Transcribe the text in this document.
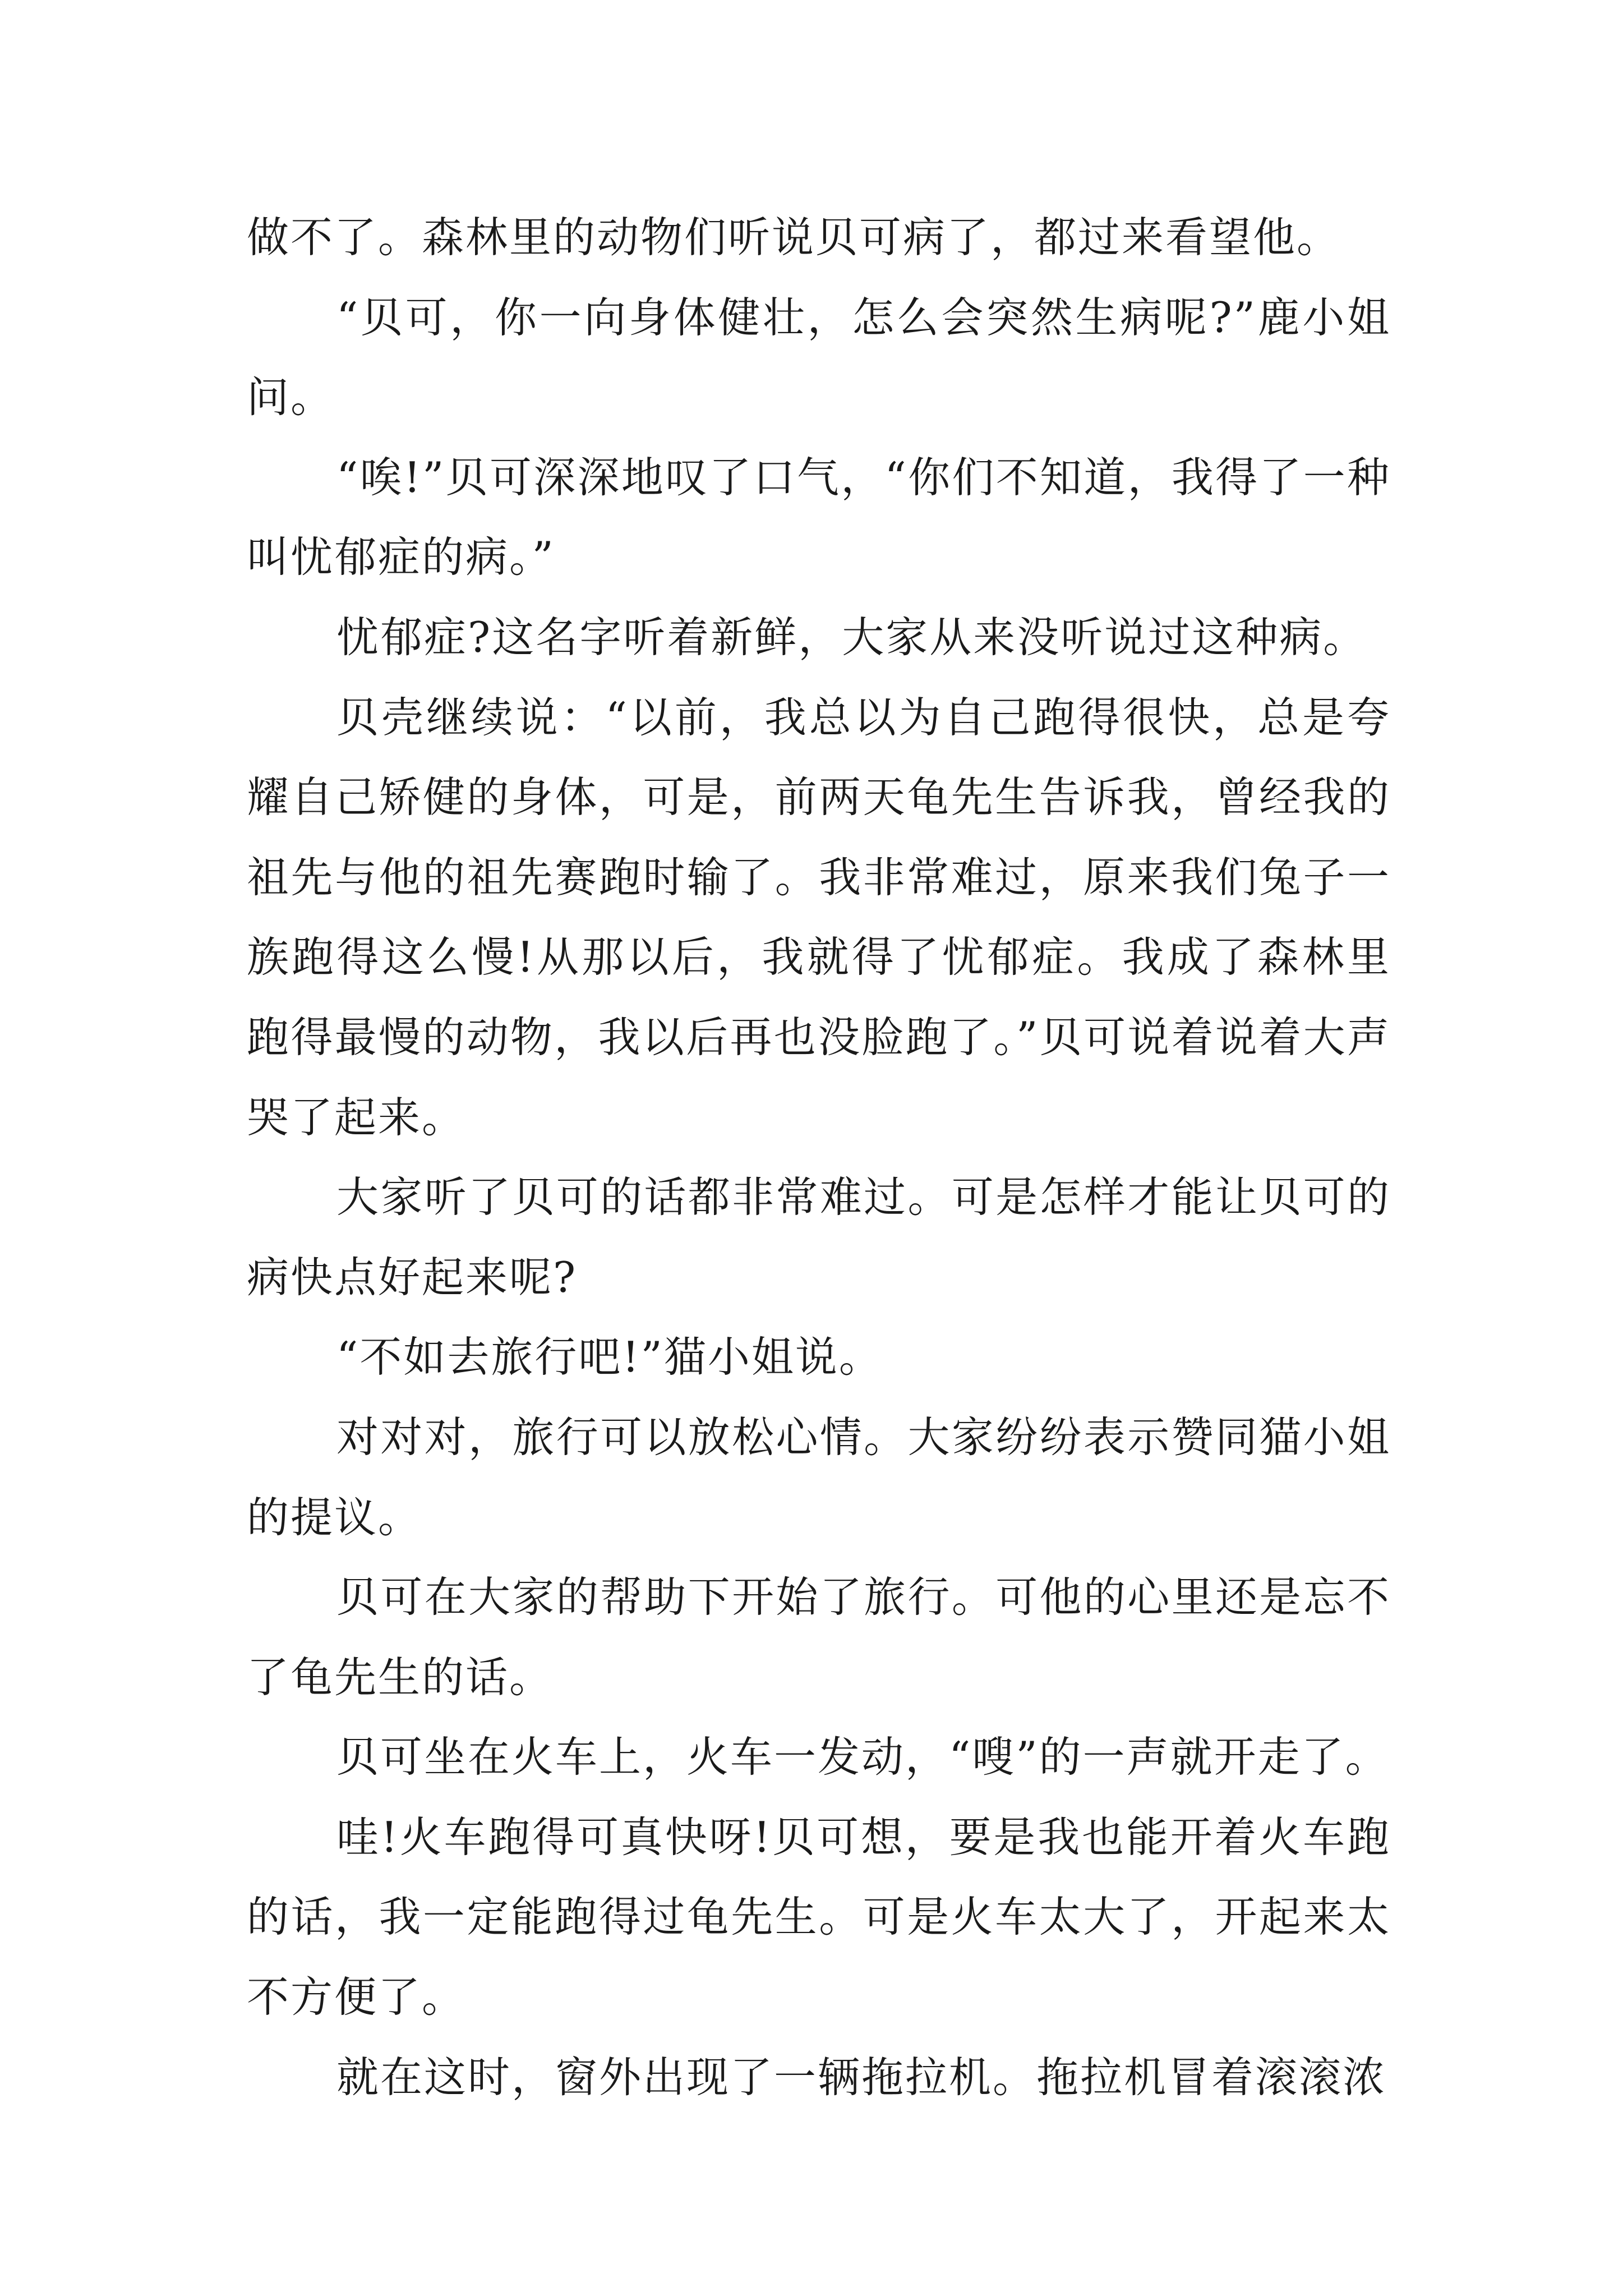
做不了。森林里的动物们听说贝可病了，都过来看望他。

“贝可，你一向身体健壮，怎么会突然生病呢?”鹿小姐问。

“唉!”贝可深深地叹了口气，“你们不知道，我得了一种叫忧郁症的病。”

忧郁症?这名字听着新鲜，大家从来没听说过这种病。

贝壳继续说：“以前，我总以为自己跑得很快，总是夸耀自己矫健的身体，可是，前两天龟先生告诉我，曾经我的祖先与他的祖先赛跑时输了。我非常难过，原来我们兔子一族跑得这么慢!从那以后，我就得了忧郁症。我成了森林里跑得最慢的动物，我以后再也没脸跑了。”贝可说着说着大声哭了起来。

大家听了贝可的话都非常难过。可是怎样才能让贝可的病快点好起来呢?

“不如去旅行吧!”猫小姐说。

对对对，旅行可以放松心情。大家纷纷表示赞同猫小姐的提议。

贝可在大家的帮助下开始了旅行。可他的心里还是忘不了龟先生的话。

贝可坐在火车上，火车一发动，“嗖”的一声就开走了。

哇!火车跑得可真快呀!贝可想，要是我也能开着火车跑的话，我一定能跑得过龟先生。可是火车太大了，开起来太不方便了。

就在这时，窗外出现了一辆拖拉机。拖拉机冒着滚滚浓
